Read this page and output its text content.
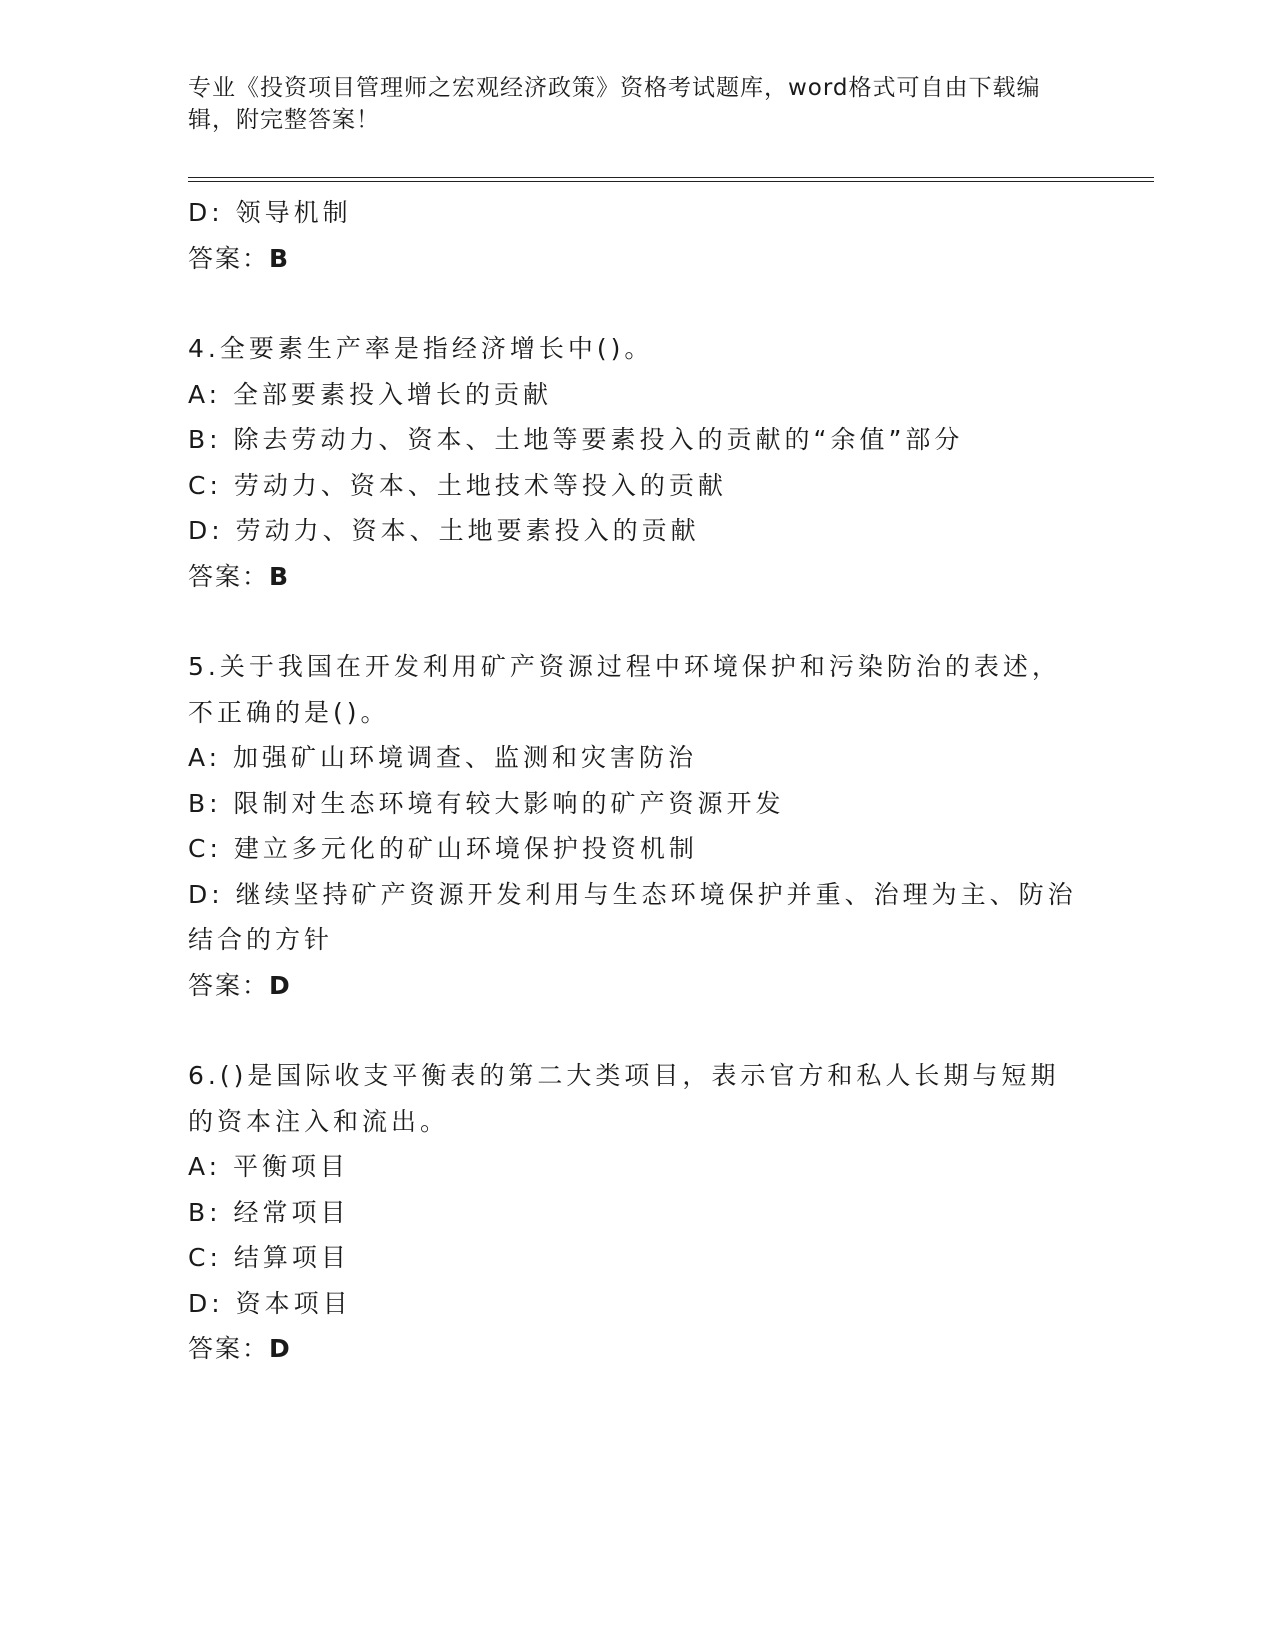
专业《投资项目管理师之宏观经济政策》资格考试题库，word格式可自由下载编
辑，附完整答案！
D: 领导机制
答案：B
4.全要素生产率是指经济增长中()。
A: 全部要素投入增长的贡献
B: 除去劳动力、资本、土地等要素投入的贡献的“余值”部分
C: 劳动力、资本、土地技术等投入的贡献
D: 劳动力、资本、土地要素投入的贡献
答案：B
5.关于我国在开发利用矿产资源过程中环境保护和污染防治的表述，
不正确的是()。
A: 加强矿山环境调查、监测和灾害防治
B: 限制对生态环境有较大影响的矿产资源开发
C: 建立多元化的矿山环境保护投资机制
D: 继续坚持矿产资源开发利用与生态环境保护并重、治理为主、防治
结合的方针
答案：D
6.()是国际收支平衡表的第二大类项目，表示官方和私人长期与短期
的资本注入和流出。
A: 平衡项目
B: 经常项目
C: 结算项目
D: 资本项目
答案：D
